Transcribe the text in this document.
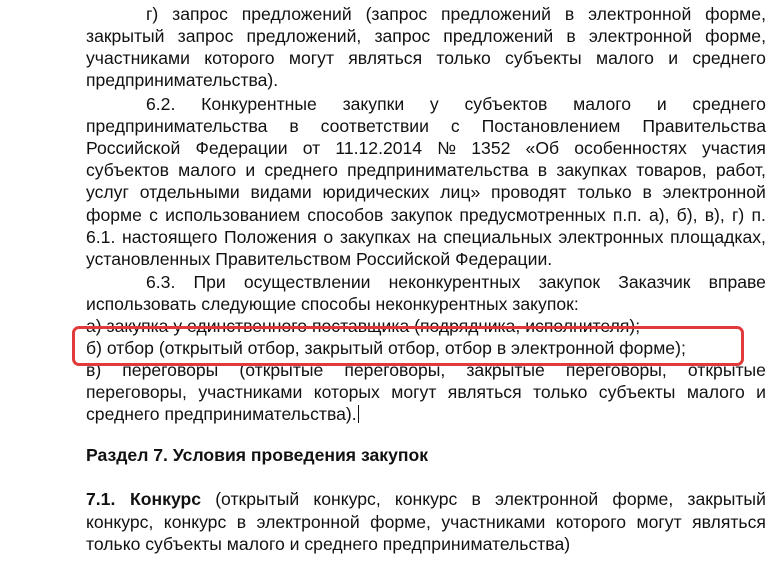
г) запрос предложений (запрос предложений в электронной форме,
закрытый запрос предложений, запрос предложений в электронной форме,
участниками которого могут являться только субъекты малого и среднего
предпринимательства).
6.2. Конкурентные закупки у субъектов малого и среднего
предпринимательства в соответствии с Постановлением Правительства
Российской Федерации от 11.12.2014 № 1352 «Об особенностях участия
субъектов малого и среднего предпринимательства в закупках товаров, работ,
услуг отдельными видами юридических лиц» проводят только в электронной
форме с использованием способов закупок предусмотренных п.п. а), б), в), г) п.
6.1. настоящего Положения о закупках на специальных электронных площадках,
установленных Правительством Российской Федерации.
6.3. При осуществлении неконкурентных закупок Заказчик вправе
использовать следующие способы неконкурентных закупок:
а) закупка у единственного поставщика (подрядчика, исполнителя);
б) отбор (открытый отбор, закрытый отбор, отбор в электронной форме);
в) переговоры (открытые переговоры, закрытые переговоры, открытые
переговоры, участниками которых могут являться только субъекты малого и
среднего предпринимательства).
Раздел 7. Условия проведения закупок
7.1. Конкурс (открытый конкурс, конкурс в электронной форме, закрытый
конкурс, конкурс в электронной форме, участниками которого могут являться
только субъекты малого и среднего предпринимательства)
